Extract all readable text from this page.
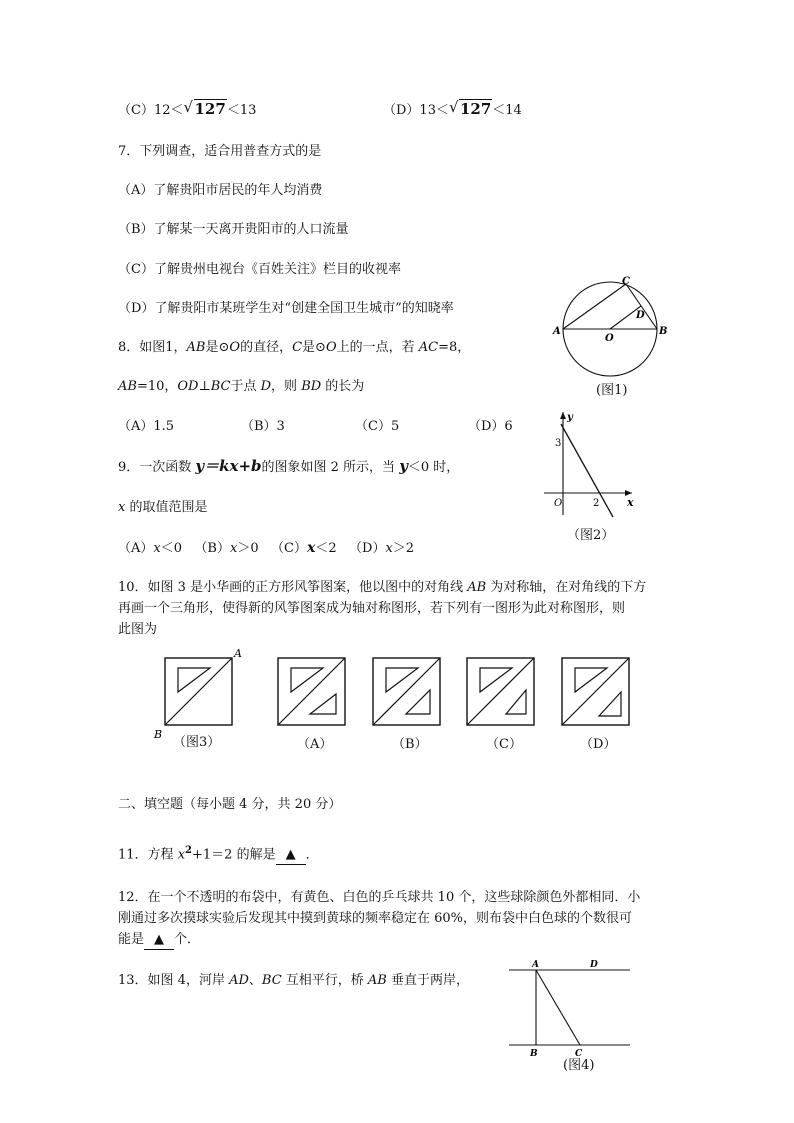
（C）12＜ √ 127＜13	（D）13＜ √ 127＜14
7．下列调查，适合用普查方式的是
（A）了解贵阳市居民的年人均消费
（B）了解某一天离开贵阳市的人口流量
（C）了解贵州电视台《百姓关注》栏目的收视率
（D）了解贵阳市某班学生对“创建全国卫生城市”的知晓率
A	B
C
D
O
(图1)
8．如图1，AB是⊙O的直径，C是⊙O上的一点，若 AC=8，
AB=10，OD⊥BC于点 D，则 BD 的长为
（A）1.5	（B）3	（C）5	（D）6
y
x
O
3
2
（图2）
9．一次函数 y＝kx+b的图象如图 2 所示，当 y＜0 时，
x 的取值范围是
（A）x＜0 （B）x＞0 （C）x＜2 （D）x＞2
10．如图 3 是小华画的正方形风筝图案，他以图中的对角线 AB 为对称轴，在对角线的下方
再画一个三角形，使得新的风筝图案成为轴对称图形，若下列有一图形为此对称图形，则
此图为
A
B
（图3）	（A）	（B）	（C）	（D）
二、填空题（每小题 4 分，共 20 分）
11．方程 $x^2+1=2$ 的解是 ▲ ．
12．在一个不透明的布袋中，有黄色、白色的乒乓球共 10 个，这些球除颜色外都相同．小
刚通过多次摸球实验后发现其中摸到黄球的频率稳定在 60%，则布袋中白色球的个数很可
能是 ▲ 个．
13．如图 4，河岸 AD、BC 互相平行，桥 AB 垂直于两岸，
A	D
B	C
(图4)
